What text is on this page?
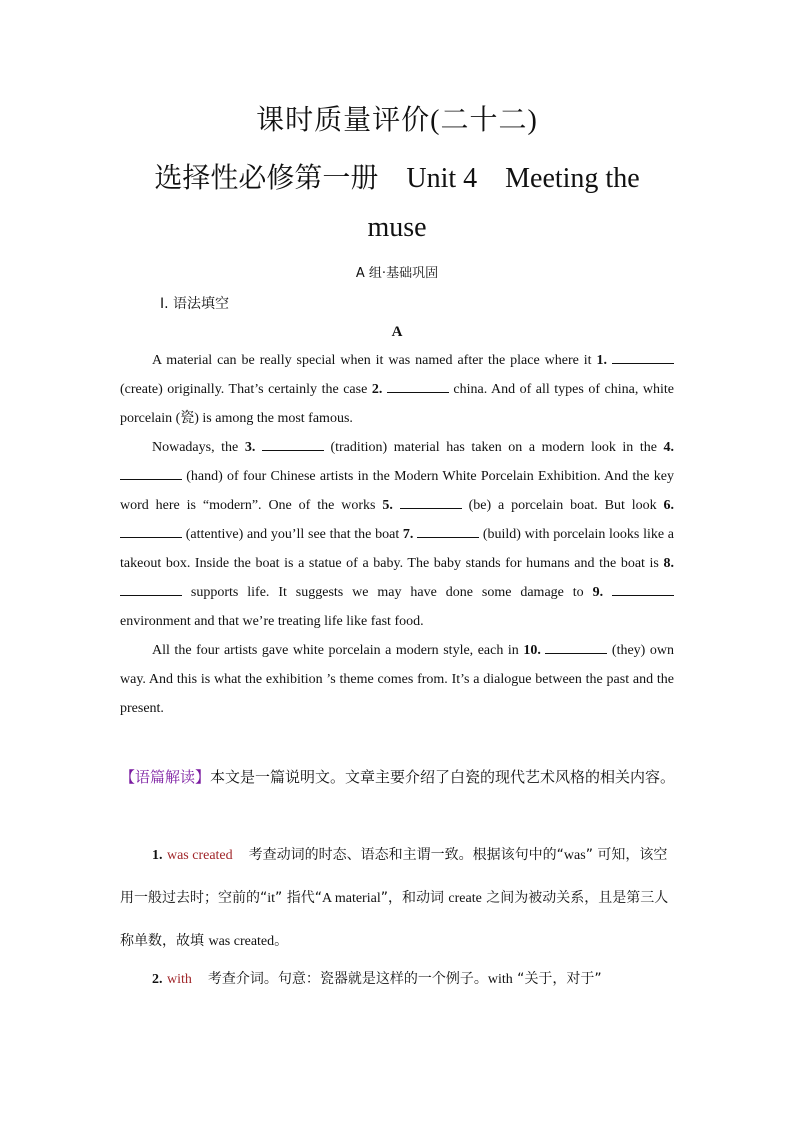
课时质量评价(二十二)
选择性必修第一册 Unit 4 Meeting the
muse
A 组·基础巩固
Ⅰ. 语法填空
A

A material can be really special when it was named after the place where it 1.  (create) originally. That’s certainly the case 2.	china. And of all types of china, white porcelain (瓷) is among the most famous.

Nowadays, the 3.	(tradition) material has taken on a modern look in the 4.  (hand) of four Chinese artists in the Modern White Porcelain Exhibition. And the key word here is “modern”. One of the works 5.	(be) a porcelain boat. But look 6.  (attentive) and you’ll see that the boat 7.	(build) with porcelain looks like a takeout box. Inside the boat is a statue of a baby. The baby stands for humans and the boat is 8.  supports life. It suggests we may have done some damage to 9. environment and that we’re treating life like fast food.

All the four artists gave white porcelain a modern style, each in 10.	(they) own way. And this is what the exhibition ’s theme comes from. It’s a dialogue between the past and the present.

【语篇解读】本文是一篇说明文。文章主要介绍了白瓷的现代艺术风格的相关内容。

1. was created 考查动词的时态、语态和主谓一致。根据该句中的“was” 可知，该空用一般过去时；空前的“it” 指代“A material”，和动词 create 之间为被动关系，且是第三人称单数，故填 was created。

2. with 考查介词。句意：瓷器就是这样的一个例子。with “关于，对于”
